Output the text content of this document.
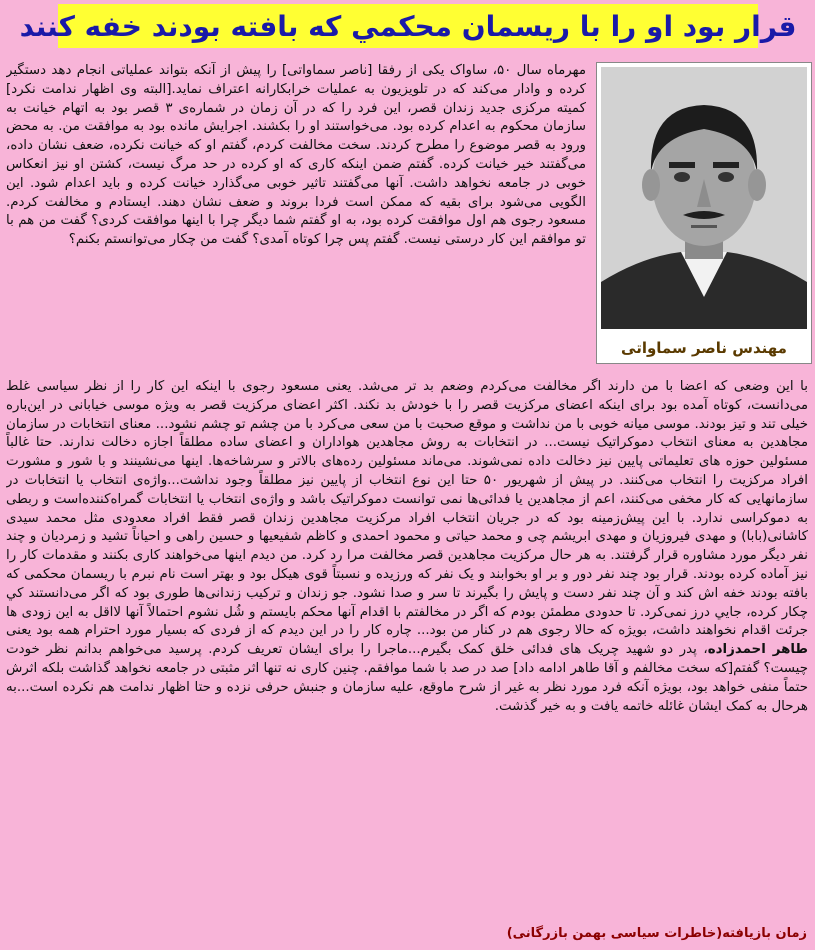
قرار بود او را با ریسمان محکمي که بافته بودند خفه کنند
مهندس ناصر سماواتی

مهرماه سال ۵۰، ساواک یکی از رفقا [ناصر سماواتی] را پیش از آنکه بتواند عملیاتی انجام دهد دستگیر کرده و وادار می‌کند که در تلویزیون به عملیات خرابکارانه اعتراف نماید.[البته وی اظهار ندامت نکرد] کمیته مرکزی جدید زندان قصر، این فرد را که در آن زمان در شماره‌ی ۳ قصر بود به اتهام خیانت به سازمان محکوم به اعدام کرده بود. می‌خواستند او را بکشند. اجرایش مانده بود به موافقت من. به محض ورود به قصر موضوع را مطرح کردند. سخت مخالفت کردم، گفتم او که خیانت نکرده، ضعف نشان داده، می‌گفتند خیر خیانت کرده. گفتم ضمن اینکه کاری که او کرده در حد مرگ نیست، کشتن او نیز انعکاس خوبی در جامعه نخواهد داشت. آنها می‌گفتند تاثیر خوبی می‌گذارد خیانت کرده و باید اعدام شود. این الگویی می‌شود برای بقیه که ممکن است فردا بروند و ضعف نشان دهند. ایستادم و مخالفت کردم. مسعود رجوی هم اول موافقت کرده بود، به او گفتم شما دیگر چرا با اینها موافقت کردی؟ گفت من هم با تو موافقم این کار درستی نیست. گفتم پس چرا کوتاه آمدی؟ گفت من چکار می‌توانستم بکنم؟

با این وضعی که اعضا با من دارند اگر مخالفت می‌کردم وضعم بد تر می‌شد. یعنی مسعود رجوی با اینکه این کار را از نظر سیاسی غلط می‌دانست، کوتاه آمده بود برای اینکه اعضای مرکزیت قصر را با خودش بد نکند. اکثر اعضای مرکزیت قصر به ویژه موسی خیابانی در این‌باره خیلی تند و تیز بودند. موسی میانه خوبی با من نداشت و موقع صحبت با من سعی می‌کرد با من چشم تو چشم نشود... معنای انتخابات در سازمان مجاهدین به معنای انتخاب دموکراتیک نیست... در انتخابات به روش مجاهدین هواداران و اعضای ساده مطلقاً اجازه دخالت ندارند. حتا غالباً مسئولین حوزه های تعلیماتی پایین نیز دخالت داده نمی‌شوند. می‌ماند مسئولین رده‌های بالاتر و سرشاخه‌ها. اینها می‌نشینند و با شور و مشورت افراد مرکزیت را انتخاب می‌کنند. در پیش از شهریور ۵۰ حتا این نوع انتخاب از پایین نیز مطلقاً وجود نداشت...واژه‌ی انتخاب یا انتخابات در سازمانهایی که کار مخفی می‌کنند، اعم از مجاهدین یا فدائی‌ها نمی توانست دموکراتیک باشد و واژه‌ی انتخاب یا انتخابات گمراه‌کننده‌است و ربطی به دموکراسی ندارد. با این پیش‌زمینه بود که در جریان انتخاب افراد مرکزیت مجاهدین زندان قصر فقط افراد معدودی مثل محمد سیدی کاشانی(بابا) و مهدی فیروزیان و مهدی ابریشم چی و محمد حیاتی و محمود احمدی و کاظم شفیعیها و حسین راهی و احیاناً تشید و زمردیان و چند نفر دیگر مورد مشاوره قرار گرفتند. به هر حال مرکزیت مجاهدین قصر مخالفت مرا رد کرد. من دیدم اینها می‌خواهند کاری بکنند و مقدمات کار را نیز آماده کرده بودند. قرار بود چند نفر دور و بر او بخوابند و یک نفر که ورزیده و نسبتاً قوی هیکل بود و بهتر است نام نبرم با ریسمان محکمی که بافته بودند خفه اش کند و آن چند نفر دست و پایش را بگیرند تا سر و صدا نشود. جو زندان و ترکیب زندانی‌ها طوری بود که اگر می‌دانستند کي چکار کرده، جايي درز نمی‌کرد. تا حدودی مطمئن بودم که اگر در مخالفتم با اقدام آنها محکم بایستم و شُل نشوم احتمالاً آنها لااقل به این زودی ها جرئت اقدام نخواهند داشت، بویژه که حالا رجوی هم در کنار من بود... چاره کار را در این دیدم که از فردی که بسیار مورد احترام همه بود یعنی طاهر احمدزاده، پدر دو شهید چریک های فدائی خلق کمک بگیرم...ماجرا را برای ایشان تعریف کردم. پرسید می‌خواهم بدانم نظر خودت چیست؟ گفتم[که سخت مخالفم و آقا طاهر ادامه داد] صد در صد با شما موافقم. چنین کاری نه تنها اثر مثبتی در جامعه نخواهد گذاشت بلکه اثرش حتماً منفی خواهد بود، بویژه آنکه فرد مورد نظر به غیر از شرح ماوقع، علیه سازمان و جنبش حرفی نزده و حتا اظهار ندامت هم نکرده است...به هرحال به کمک ایشان غائله خاتمه یافت و به خیر گذشت.

زمان بازیافته(خاطرات سیاسی بهمن بازرگانی)
